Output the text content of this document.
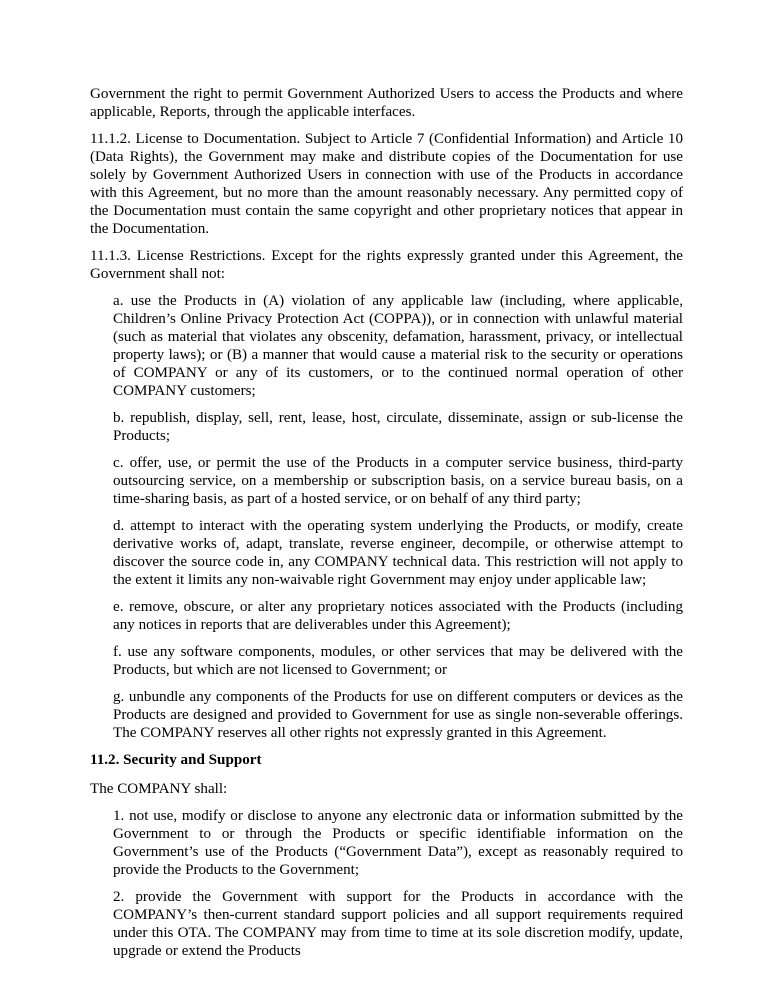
Government the right to permit Government Authorized Users to access the Products and where applicable, Reports, through the applicable interfaces.

11.1.2. License to Documentation. Subject to Article 7 (Confidential Information) and Article 10 (Data Rights), the Government may make and distribute copies of the Documentation for use solely by Government Authorized Users in connection with use of the Products in accordance with this Agreement, but no more than the amount reasonably necessary. Any permitted copy of the Documentation must contain the same copyright and other proprietary notices that appear in the Documentation.

11.1.3. License Restrictions. Except for the rights expressly granted under this Agreement, the Government shall not:

a. use the Products in (A) violation of any applicable law (including, where applicable, Children’s Online Privacy Protection Act (COPPA)), or in connection with unlawful material (such as material that violates any obscenity, defamation, harassment, privacy, or intellectual property laws); or (B) a manner that would cause a material risk to the security or operations of COMPANY or any of its customers, or to the continued normal operation of other COMPANY customers;

b. republish, display, sell, rent, lease, host, circulate, disseminate, assign or sub-license the Products;

c. offer, use, or permit the use of the Products in a computer service business, third-party outsourcing service, on a membership or subscription basis, on a service bureau basis, on a time-sharing basis, as part of a hosted service, or on behalf of any third party;

d. attempt to interact with the operating system underlying the Products, or modify, create derivative works of, adapt, translate, reverse engineer, decompile, or otherwise attempt to discover the source code in, any COMPANY technical data. This restriction will not apply to the extent it limits any non-waivable right Government may enjoy under applicable law;

e. remove, obscure, or alter any proprietary notices associated with the Products (including any notices in reports that are deliverables under this Agreement);

f. use any software components, modules, or other services that may be delivered with the Products, but which are not licensed to Government; or

g. unbundle any components of the Products for use on different computers or devices as the Products are designed and provided to Government for use as single non-severable offerings. The COMPANY reserves all other rights not expressly granted in this Agreement.

11.2. Security and Support

The COMPANY shall:

1. not use, modify or disclose to anyone any electronic data or information submitted by the Government to or through the Products or specific identifiable information on the Government’s use of the Products (“Government Data”), except as reasonably required to provide the Products to the Government;

2. provide the Government with support for the Products in accordance with the COMPANY’s then-current standard support policies and all support requirements required under this OTA. The COMPANY may from time to time at its sole discretion modify, update, upgrade or extend the Products
